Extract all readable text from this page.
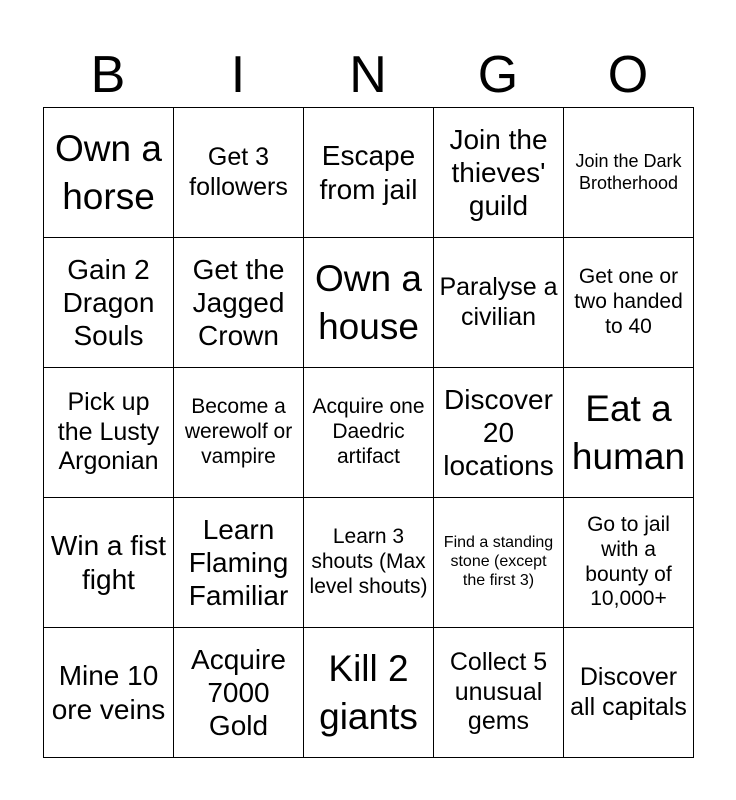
B	I	N	G	O
Own a horse	Get 3 followers	Escape from jail	Join the thieves' guild	Join the Dark Brotherhood
Gain 2 Dragon Souls	Get the Jagged Crown	Own a house	Paralyse a civilian	Get one or two handed to 40
Pick up the Lusty Argonian	Become a werewolf or vampire	Acquire one Daedric artifact	Discover 20 locations	Eat a human
Win a fist fight	Learn Flaming Familiar	Learn 3 shouts (Max level shouts)	Find a standing stone (except the first 3)	Go to jail with a bounty of 10,000+
Mine 10 ore veins	Acquire 7000 Gold	Kill 2 giants	Collect 5 unusual gems	Discover all capitals
